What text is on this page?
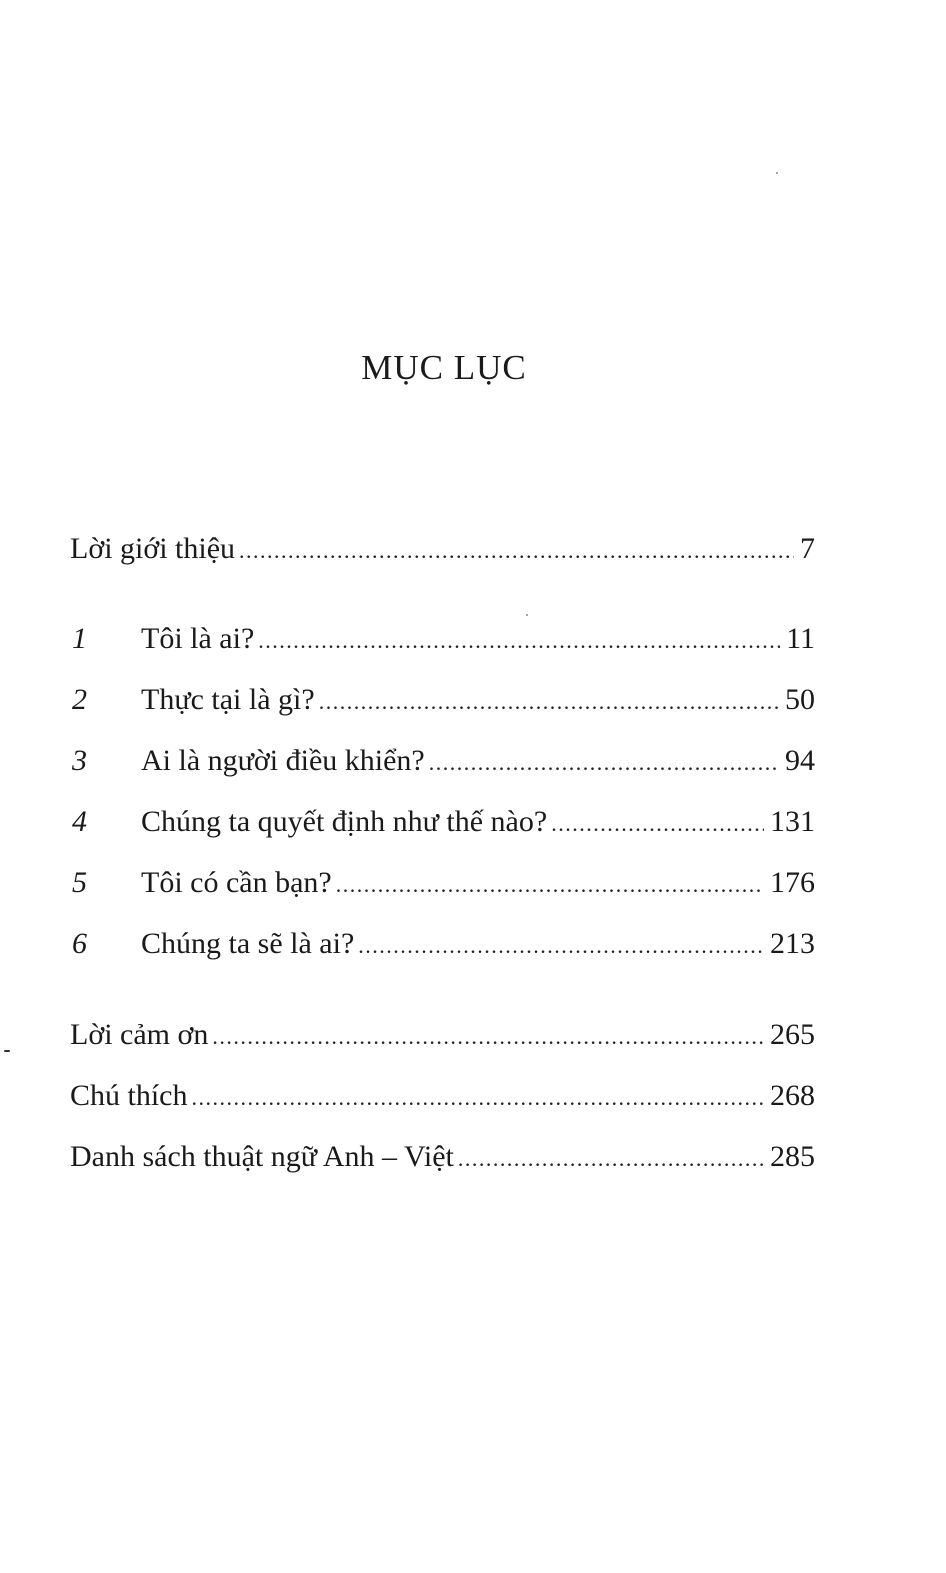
MỤC LỤC
Lời giới thiệu .....	7
1	Tôi là ai? .....	11
2	Thực tại là gì? .....	50
3	Ai là người điều khiển? .....	94
4	Chúng ta quyết định như thế nào? .....	131
5	Tôi có cần bạn? .....	176
6	Chúng ta sẽ là ai? .....	213
Lời cảm ơn .....	265
Chú thích .....	268
Danh sách thuật ngữ Anh – Việt .....	285
